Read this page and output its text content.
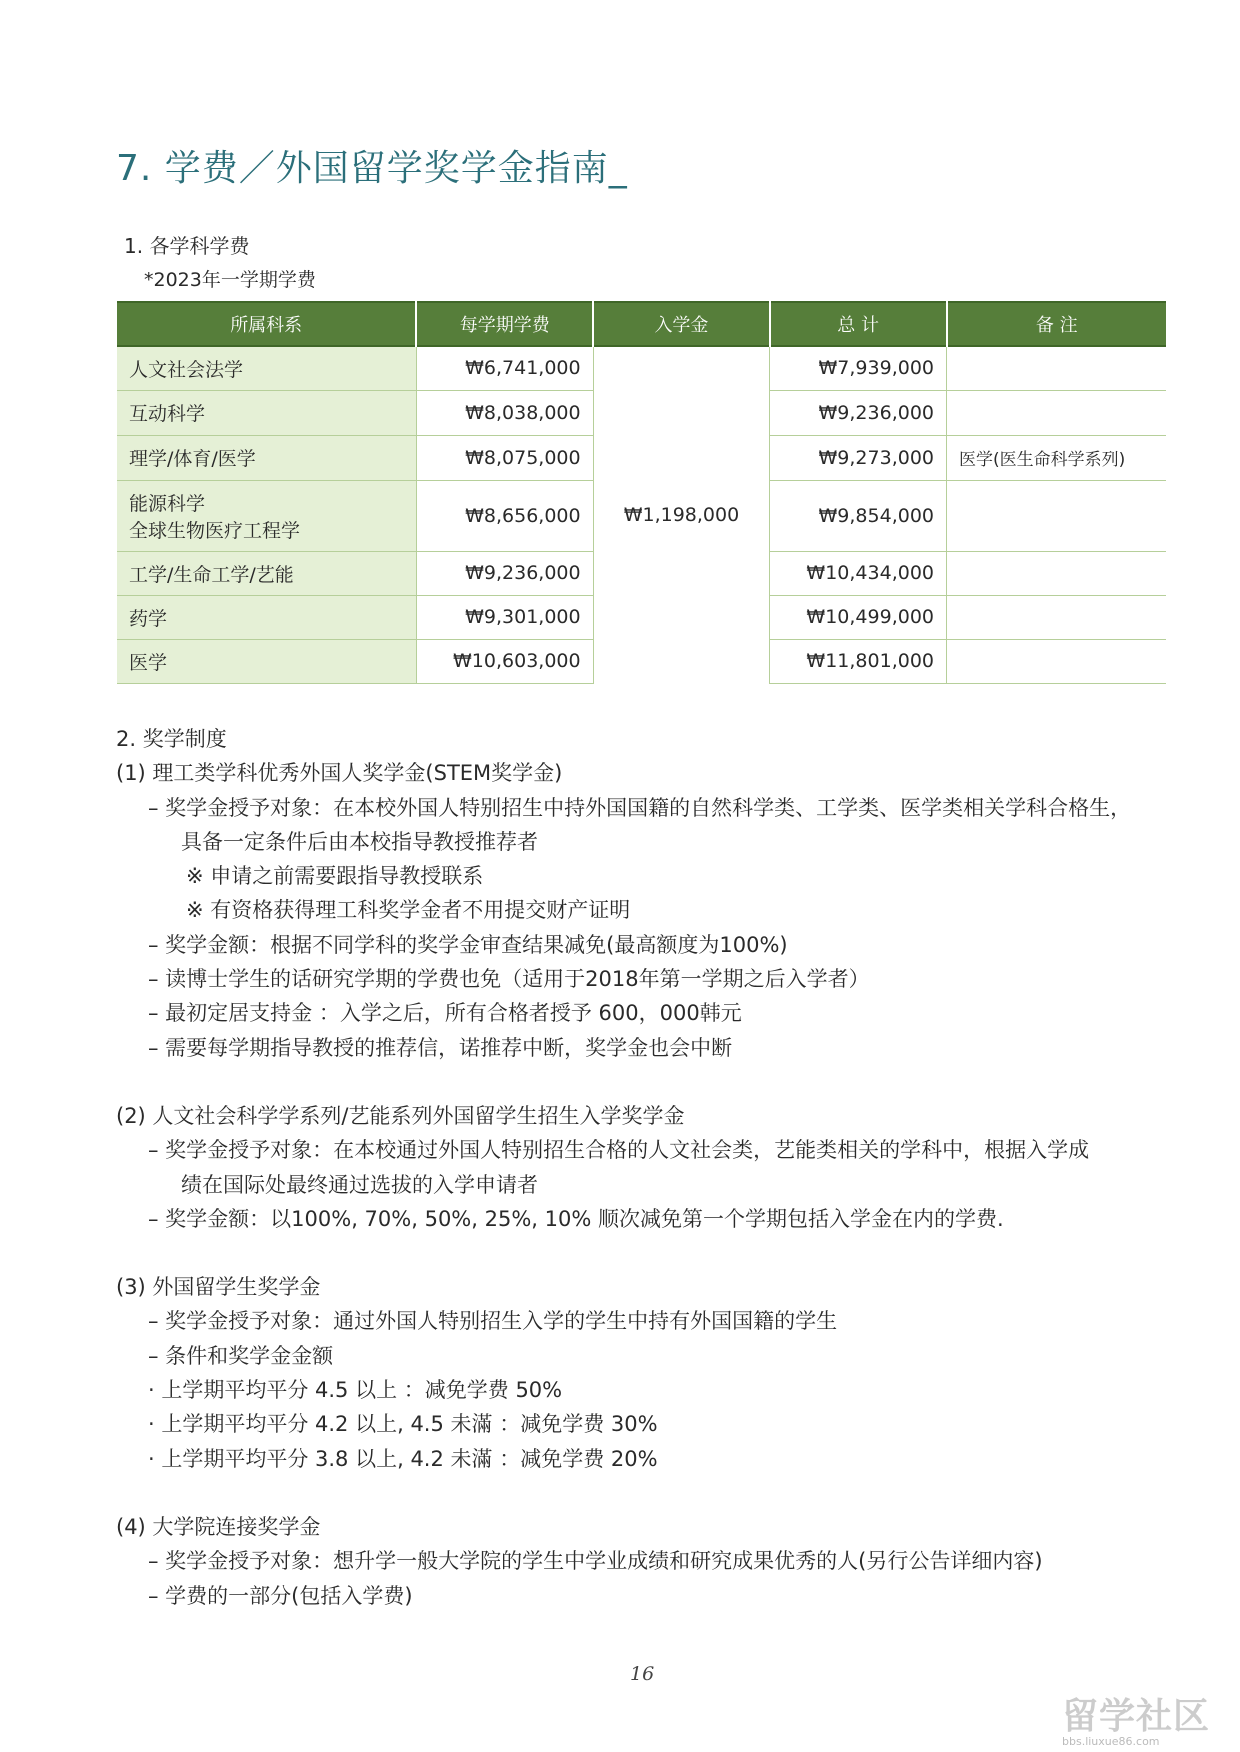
7. 学费／外国留学奖学金指南_
1. 各学科学费
*2023年一学期学费
所属科系	每学期学费	入学金	总 计	备 注
人文社会法学	₩6,741,000	₩1,198,000	₩7,939,000	
互动科学	₩8,038,000		₩9,236,000	
理学/体育/医学	₩8,075,000		₩9,273,000	医学(医生命科学系列)

能源科学
全球生物医疗工程学	₩8,656,000		₩9,854,000	
工学/生命工学/艺能	₩9,236,000		₩10,434,000	
药学	₩9,301,000		₩10,499,000	
医学	₩10,603,000		₩11,801,000	
2. 奖学制度
(1) 理工类学科优秀外国人奖学金(STEM奖学金)
– 奖学金授予对象：在本校外国人特别招生中持外国国籍的自然科学类、工学类、医学类相关学科合格生，
具备一定条件后由本校指导教授推荐者
※ 申请之前需要跟指导教授联系
※ 有资格获得理工科奖学金者不用提交财产证明
– 奖学金额：根据不同学科的奖学金审查结果减免(最高额度为100%)
– 读博士学生的话研究学期的学费也免（适用于2018年第一学期之后入学者）
– 最初定居支持金 ：入学之后，所有合格者授予 600，000韩元
– 需要每学期指导教授的推荐信，诺推荐中断，奖学金也会中断
(2) 人文社会科学学系列/艺能系列外国留学生招生入学奖学金
– 奖学金授予对象：在本校通过外国人特别招生合格的人文社会类，艺能类相关的学科中，根据入学成
绩在国际处最终通过选拔的入学申请者
– 奖学金额：以100%, 70%, 50%, 25%, 10% 顺次减免第一个学期包括入学金在内的学费.
(3) 外国留学生奖学金
– 奖学金授予对象：通过外国人特别招生入学的学生中持有外国国籍的学生
– 条件和奖学金金额
· 上学期平均平分 4.5 以上 ：减免学费 50%
· 上学期平均平分 4.2 以上, 4.5 未滿 ：减免学费 30%
· 上学期平均平分 3.8 以上, 4.2 未滿 ：减免学费 20%
(4) 大学院连接奖学金
– 奖学金授予对象：想升学一般大学院的学生中学业成绩和研究成果优秀的人(另行公告详细内容)
– 学费的一部分(包括入学费)
16
留学社区
bbs.liuxue86.com
